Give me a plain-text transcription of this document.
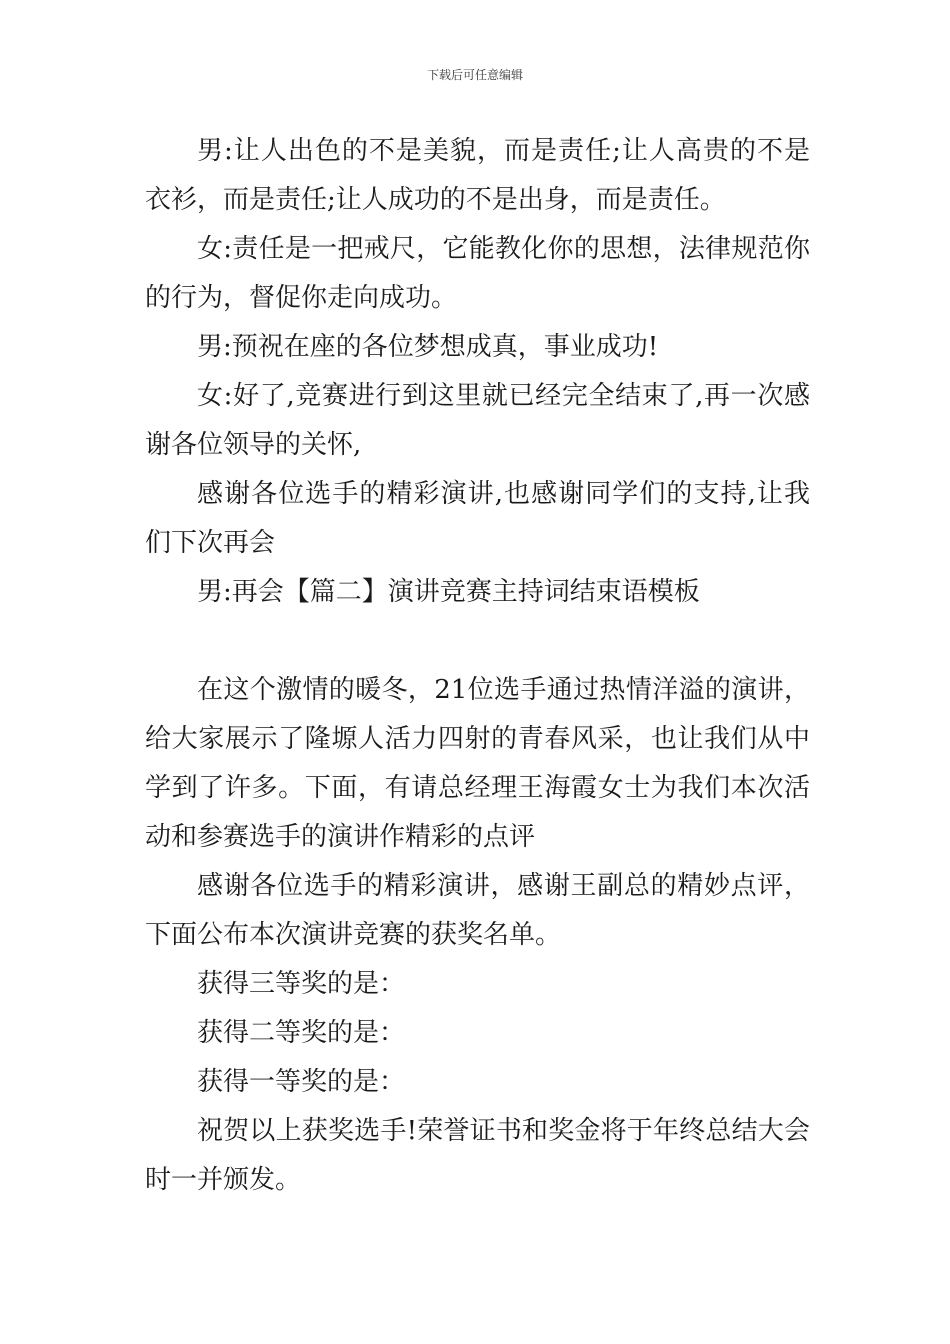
下载后可任意编辑

男:让人出色的不是美貌，而是责任;让人高贵的不是衣衫，而是责任;让人成功的不是出身，而是责任。

女:责任是一把戒尺，它能教化你的思想，法律规范你的行为，督促你走向成功。

男:预祝在座的各位梦想成真，事业成功!

女:好了,竞赛进行到这里就已经完全结束了,再一次感谢各位领导的关怀,

感谢各位选手的精彩演讲,也感谢同学们的支持,让我们下次再会

男:再会【篇二】演讲竞赛主持词结束语模板

在这个激情的暖冬，21位选手通过热情洋溢的演讲，给大家展示了隆塬人活力四射的青春风采，也让我们从中学到了许多。下面，有请总经理王海霞女士为我们本次活动和参赛选手的演讲作精彩的点评

感谢各位选手的精彩演讲，感谢王副总的精妙点评，下面公布本次演讲竞赛的获奖名单。

获得三等奖的是：

获得二等奖的是：

获得一等奖的是：

祝贺以上获奖选手!荣誉证书和奖金将于年终总结大会时一并颁发。
